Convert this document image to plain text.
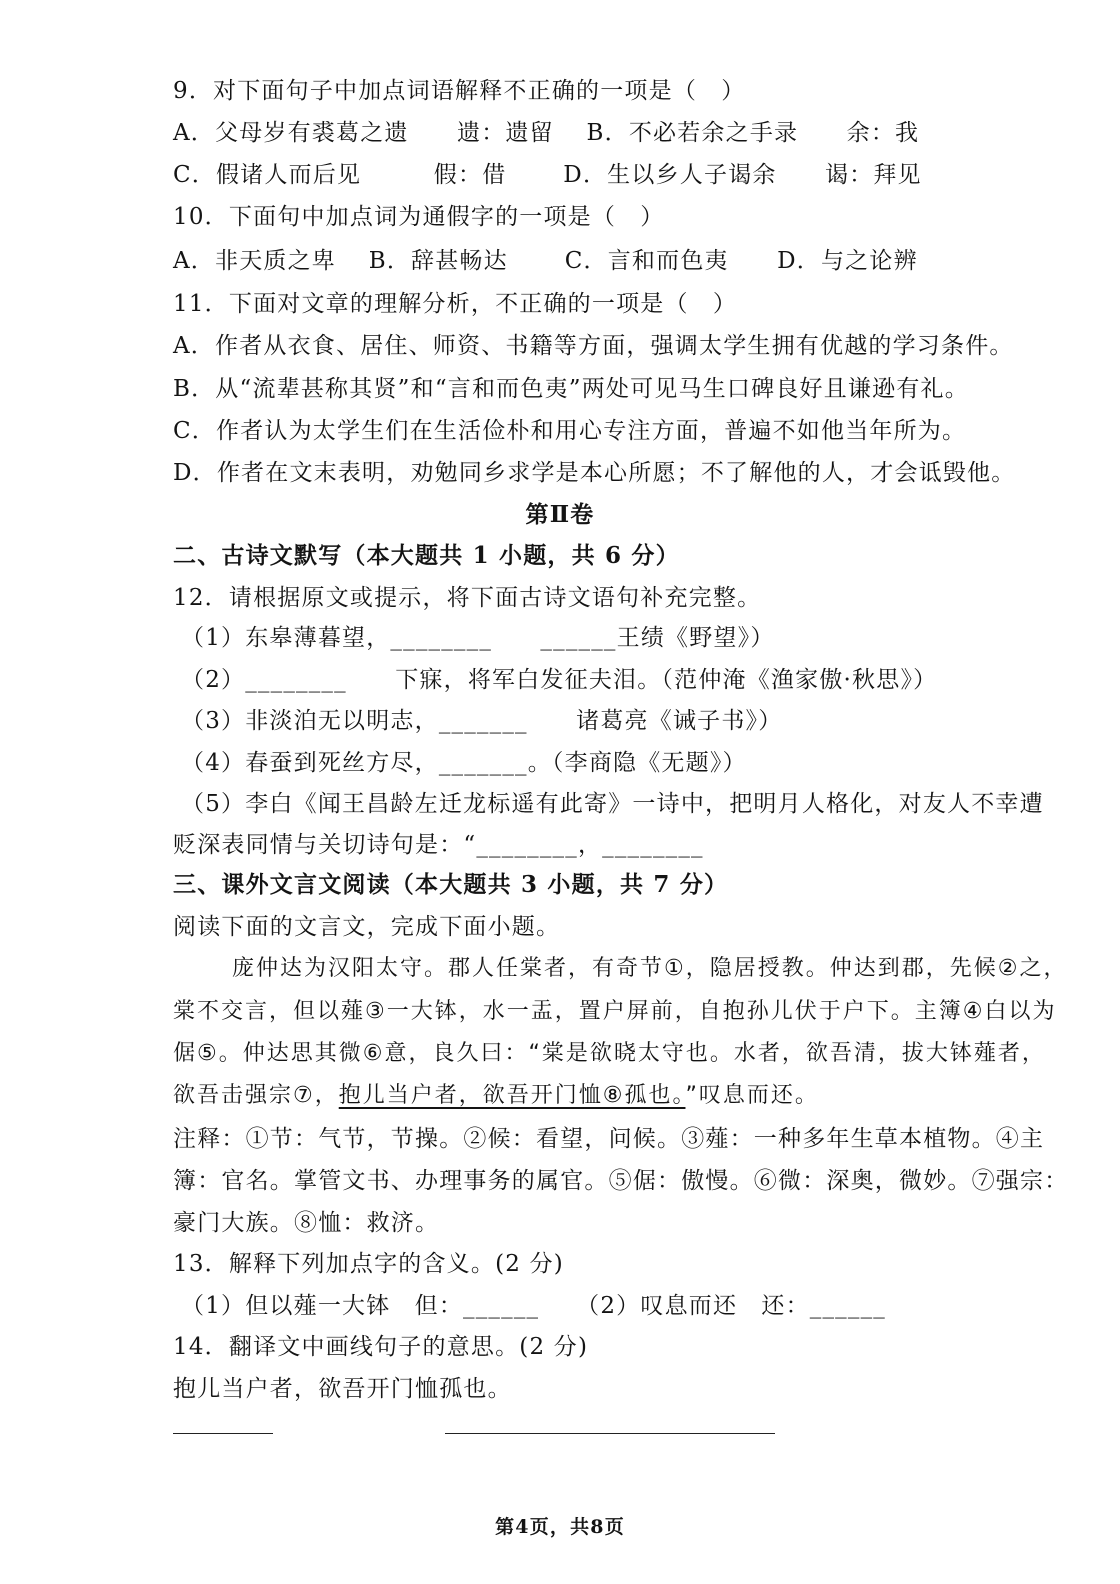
9．对下面句子中加点词语解释不正确的一项是（　）
A．父母岁有裘葛之遗　　遗：遗留　 B．不必若余之手录　　余：我
C．假诸人而后见　　　假：借　　 D．生以乡人子谒余　　谒：拜见
10．下面句中加点词为通假字的一项是（　）
A．非天质之卑　 B．辞甚畅达　　 C．言和而色夷　　D．与之论辨
11．下面对文章的理解分析，不正确的一项是（　）
A．作者从衣食、居住、师资、书籍等方面，强调太学生拥有优越的学习条件。
B．从“流辈甚称其贤”和“言和而色夷”两处可见马生口碑良好且谦逊有礼。
C．作者认为太学生们在生活俭朴和用心专注方面，普遍不如他当年所为。
D．作者在文末表明，劝勉同乡求学是本心所愿；不了解他的人，才会诋毁他。
第Ⅱ卷
二、古诗文默写（本大题共 1 小题，共 6 分）
12．请根据原文或提示，将下面古诗文语句补充完整。
（1）东皋薄暮望，________　　______王绩《野望》）
（2）________　　下寐，将军白发征夫泪。（范仲淹《渔家傲·秋思》）
（3）非淡泊无以明志，_______　　诸葛亮《诫子书》）
（4）春蚕到死丝方尽，_______。（李商隐《无题》）
（5）李白《闻王昌龄左迁龙标遥有此寄》一诗中，把明月人格化，对友人不幸遭
贬深表同情与关切诗句是：“________，________
三、课外文言文阅读（本大题共 3 小题，共 7 分）
阅读下面的文言文，完成下面小题。
庞仲达为汉阳太守。郡人任棠者，有奇节①，隐居授教。仲达到郡，先候②之，
棠不交言，但以薤③一大钵，水一盂，置户屏前，自抱孙儿伏于户下。主簿④白以为
倨⑤。仲达思其微⑥意，良久曰：“棠是欲晓太守也。水者，欲吾清，拔大钵薤者，
欲吾击强宗⑦，抱儿当户者，欲吾开门恤⑧孤也。”叹息而还。
注释：①节：气节，节操。②候：看望，问候。③薤：一种多年生草本植物。④主
簿：官名。掌管文书、办理事务的属官。⑤倨：傲慢。⑥微：深奥，微妙。⑦强宗：
豪门大族。⑧恤：救济。
13．解释下列加点字的含义。(2 分)
（1）但以薤一大钵　但：______　　（2）叹息而还　还：______
14．翻译文中画线句子的意思。(2 分)
抱儿当户者，欲吾开门恤孤也。
第4页，共8页
